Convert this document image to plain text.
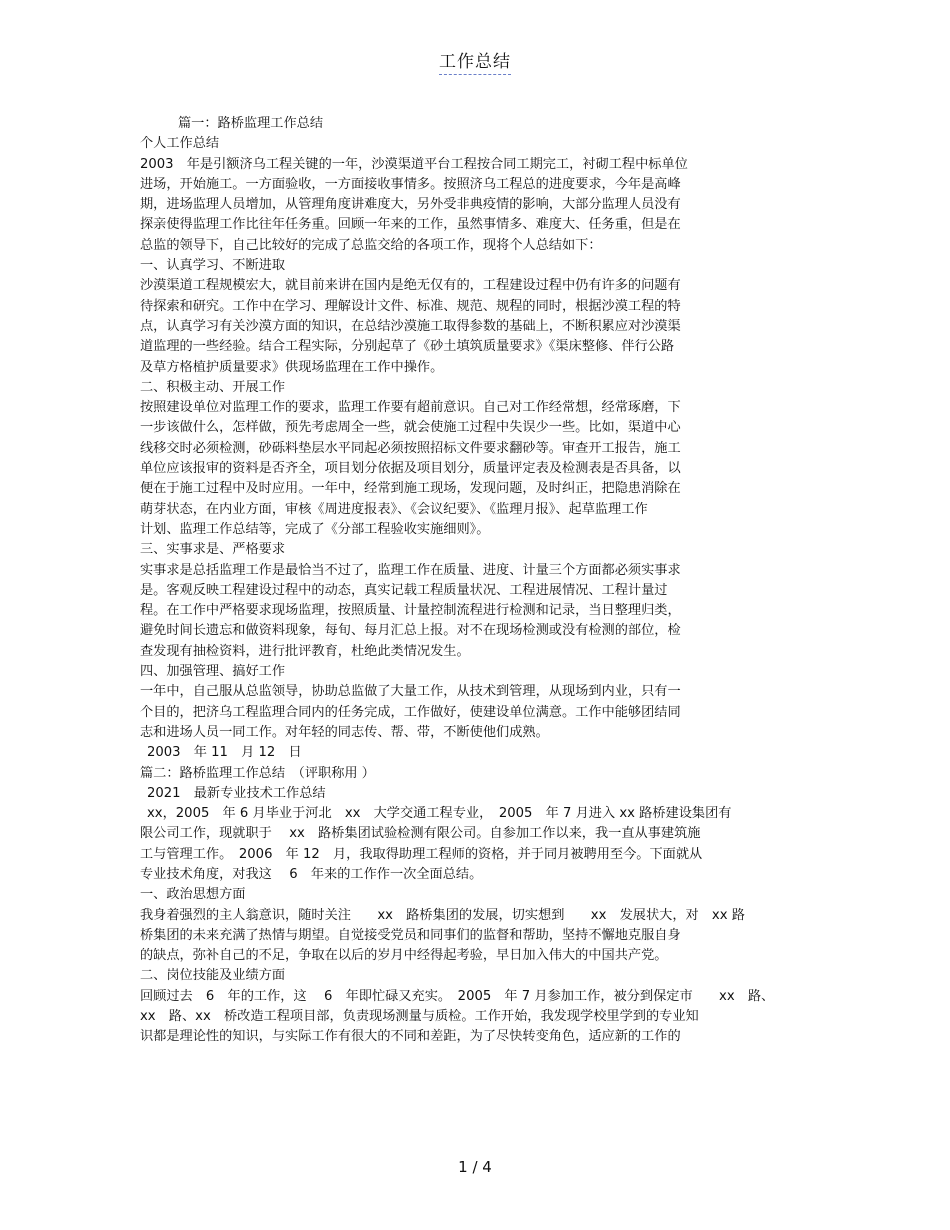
工作总结
篇一：路桥监理工作总结
个人工作总结
2003　年是引额济乌工程关键的一年，沙漠渠道平台工程按合同工期完工，衬砌工程中标单位
进场，开始施工。一方面验收，一方面接收事情多。按照济乌工程总的进度要求，今年是高峰
期，进场监理人员增加，从管理角度讲难度大，另外受非典疫情的影响，大部分监理人员没有
探亲使得监理工作比往年任务重。回顾一年来的工作，虽然事情多、难度大、任务重，但是在
总监的领导下，自己比较好的完成了总监交给的各项工作，现将个人总结如下：
一、认真学习、不断进取
沙漠渠道工程规模宏大，就目前来讲在国内是绝无仅有的，工程建设过程中仍有许多的问题有
待探索和研究。工作中在学习、理解设计文件、标准、规范、规程的同时，根据沙漠工程的特
点，认真学习有关沙漠方面的知识，在总结沙漠施工取得参数的基础上，不断积累应对沙漠渠
道监理的一些经验。结合工程实际，分别起草了《砂土填筑质量要求》《渠床整修、伴行公路
及草方格植护质量要求》供现场监理在工作中操作。
二、积极主动、开展工作
按照建设单位对监理工作的要求，监理工作要有超前意识。自己对工作经常想，经常琢磨，下
一步该做什么，怎样做，预先考虑周全一些，就会使施工过程中失误少一些。比如，渠道中心
线移交时必须检测，砂砾料垫层水平同起必须按照招标文件要求翻砂等。审查开工报告，施工
单位应该报审的资料是否齐全，项目划分依据及项目划分，质量评定表及检测表是否具备，以
便在于施工过程中及时应用。一年中，经常到施工现场，发现问题，及时纠正，把隐患消除在
萌芽状态，在内业方面，审核《周进度报表》、《会议纪要》、《监理月报》、起草监理工作
计划、监理工作总结等，完成了《分部工程验收实施细则》。
三、实事求是、严格要求
实事求是总括监理工作是最恰当不过了，监理工作在质量、进度、计量三个方面都必须实事求
是。客观反映工程建设过程中的动态，真实记载工程质量状况、工程进展情况、工程计量过
程。在工作中严格要求现场监理，按照质量、计量控制流程进行检测和记录，当日整理归类，
避免时间长遗忘和做资料现象，每旬、每月汇总上报。对不在现场检测或没有检测的部位，检
查发现有抽检资料，进行批评教育，杜绝此类情况发生。
四、加强管理、搞好工作
一年中，自己服从总监领导，协助总监做了大量工作，从技术到管理，从现场到内业，只有一
个目的，把济乌工程监理合同内的任务完成，工作做好，使建设单位满意。工作中能够团结同
志和进场人员一同工作。对年轻的同志传、帮、带，不断使他们成熟。
2003　年 11　月 12　日
篇二：路桥监理工作总结　（评职称用 ）
2021　最新专业技术工作总结
xx，2005　年 6 月毕业于河北　xx　大学交通工程专业，　2005　年 7 月进入 xx 路桥建设集团有
限公司工作，现就职于　 xx　路桥集团试验检测有限公司。自参加工作以来，我一直从事建筑施
工与管理工作。　2006　年 12　月，我取得助理工程师的资格，并于同月被聘用至今。下面就从
专业技术角度，对我这　 6　年来的工作作一次全面总结。
一、政治思想方面
我身着强烈的主人翁意识，随时关注　　xx　路桥集团的发展，切实想到　　xx　发展状大，对　xx 路
桥集团的未来充满了热情与期望。自觉接受党员和同事们的监督和帮助，坚持不懈地克服自身
的缺点，弥补自己的不足，争取在以后的岁月中经得起考验，早日加入伟大的中国共产党。
二、岗位技能及业绩方面
回顾过去　6　年的工作，这　 6　年即忙碌又充实。　2005　年 7 月参加工作，被分到保定市　　xx　路、
xx　路、xx　桥改造工程项目部，负责现场测量与质检。工作开始，我发现学校里学到的专业知
识都是理论性的知识，与实际工作有很大的不同和差距，为了尽快转变角色，适应新的工作的
1 / 4
